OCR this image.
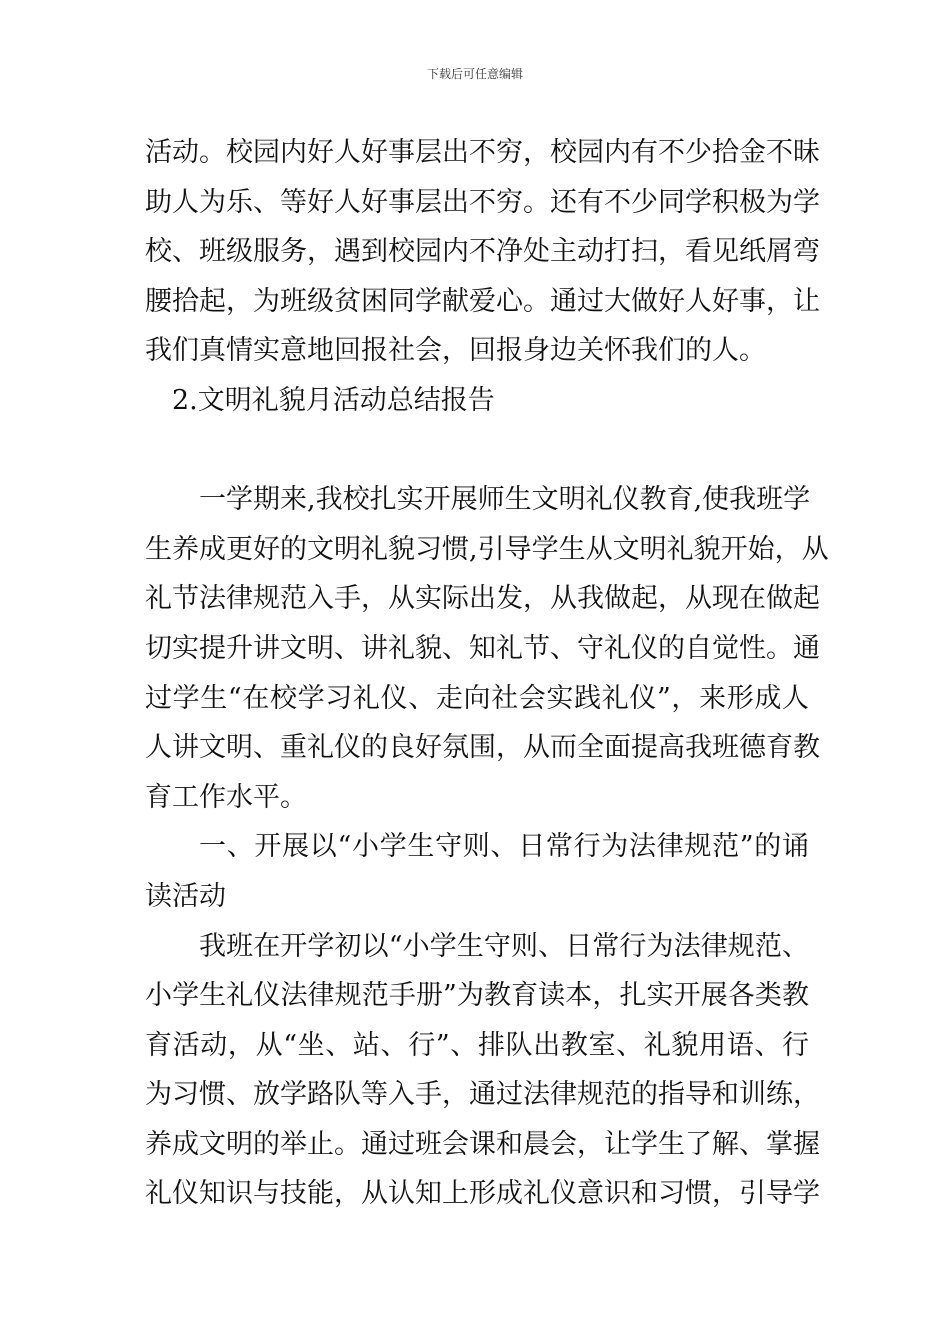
下载后可任意编辑
活动。校园内好人好事层出不穷，校园内有不少拾金不昧
助人为乐、等好人好事层出不穷。还有不少同学积极为学
校、班级服务，遇到校园内不净处主动打扫，看见纸屑弯
腰拾起，为班级贫困同学献爱心。通过大做好人好事，让
我们真情实意地回报社会，回报身边关怀我们的人。
2.文明礼貌月活动总结报告
一学期来,我校扎实开展师生文明礼仪教育,使我班学
生养成更好的文明礼貌习惯,引导学生从文明礼貌开始，从
礼节法律规范入手，从实际出发，从我做起，从现在做起
切实提升讲文明、讲礼貌、知礼节、守礼仪的自觉性。通
过学生“在校学习礼仪、走向社会实践礼仪”，来形成人
人讲文明、重礼仪的良好氛围，从而全面提高我班德育教
育工作水平。
一、开展以“小学生守则、日常行为法律规范”的诵
读活动
我班在开学初以“小学生守则、日常行为法律规范、
小学生礼仪法律规范手册”为教育读本，扎实开展各类教
育活动，从“坐、站、行”、排队出教室、礼貌用语、行
为习惯、放学路队等入手，通过法律规范的指导和训练，
养成文明的举止。通过班会课和晨会，让学生了解、掌握
礼仪知识与技能，从认知上形成礼仪意识和习惯，引导学
